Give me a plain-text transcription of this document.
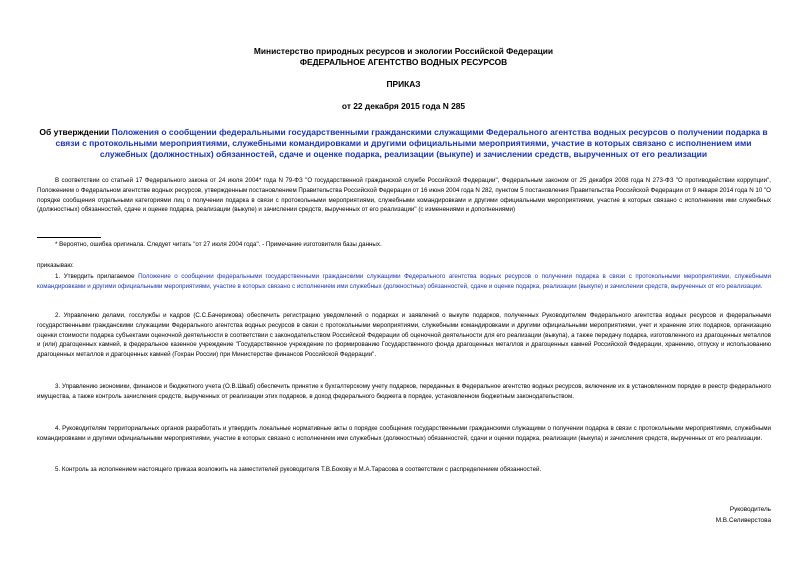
Министерство природных ресурсов и экологии Российской Федерации
ФЕДЕРАЛЬНОЕ АГЕНТСТВО ВОДНЫХ РЕСУРСОВ
ПРИКАЗ
от 22 декабря 2015 года N 285
Об утверждении Положения о сообщении федеральными государственными гражданскими служащими Федерального агентства водных ресурсов о получении подарка в связи с протокольными мероприятиями, служебными командировками и другими официальными мероприятиями, участие в которых связано с исполнением ими служебных (должностных) обязанностей, сдаче и оценке подарка, реализации (выкупе) и зачислении средств, вырученных от его реализации
В соответствии со статьей 17 Федерального закона от 24 июля 2004* года N 79-ФЗ "О государственной гражданской службе Российской Федерации", Федеральным законом от 25 декабря 2008 года N 273-ФЗ "О противодействии коррупции", Положением о Федеральном агентстве водных ресурсов, утвержденным постановлением Правительства Российской Федерации от 16 июня 2004 года N 282, пунктом 5 постановления Правительства Российской Федерации от 9 января 2014 года N 10 "О порядке сообщения отдельными категориями лиц о получении подарка в связи с протокольными мероприятиями, служебными командировками и другими официальными мероприятиями, участие в которых связано с исполнением ими служебных (должностных) обязанностей, сдаче и оценке подарка, реализации (выкупе) и зачислении средств, вырученных от его реализации" (с изменениями и дополнениями)
* Вероятно, ошибка оригинала. Следует читать "от 27 июля 2004 года". - Примечание изготовителя базы данных.
приказываю:
1. Утвердить прилагаемое Положение о сообщении федеральными государственными гражданскими служащими Федерального агентства водных ресурсов о получении подарка в связи с протокольными мероприятиями, служебными командировками и другими официальными мероприятиями, участие в которых связано с исполнением ими служебных (должностных) обязанностей, сдаче и оценке подарка, реализации (выкупе) и зачислении средств, вырученных от его реализации.
2. Управлению делами, госслужбы и кадров (С.С.Бачерикова) обеспечить регистрацию уведомлений о подарках и заявлений о выкупе подарков, полученных Руководителем Федерального агентства водных ресурсов и федеральными государственными гражданскими служащими Федерального агентства водных ресурсов в связи с протокольными мероприятиями, служебными командировками и другими официальными мероприятиями, учет и хранение этих подарков, организацию оценки стоимости подарка субъектами оценочной деятельности в соответствии с законодательством Российской Федерации об оценочной деятельности для его реализации (выкупа), а также передачу подарка, изготовленного из драгоценных металлов и (или) драгоценных камней, в федеральное казенное учреждение "Государственное учреждение по формированию Государственного фонда драгоценных металлов и драгоценных камней Российской Федерации, хранению, отпуску и использованию драгоценных металлов и драгоценных камней (Гохран России) при Министерстве финансов Российской Федерации".
3. Управлению экономики, финансов и бюджетного учета (О.В.Шваб) обеспечить принятие к бухгалтерскому учету подарков, переданных в Федеральное агентство водных ресурсов, включение их в установленном порядке в реестр федерального имущества, а также контроль зачисления средств, вырученных от реализации этих подарков, в доход федерального бюджета в порядке, установленном бюджетным законодательством.
4. Руководителям территориальных органов разработать и утвердить локальные нормативные акты о порядке сообщения государственными гражданскими служащими о получении подарка в связи с протокольными мероприятиями, служебными командировками и другими официальными мероприятиями, участие в которых связано с исполнением ими служебных (должностных) обязанностей, сдачи и оценки подарка, реализации (выкупа) и зачисления средств, вырученных от его реализации.
5. Контроль за исполнением настоящего приказа возложить на заместителей руководителя Т.В.Бокову и М.А.Тарасова в соответствии с распределением обязанностей.
Руководитель
М.В.Селиверстова
